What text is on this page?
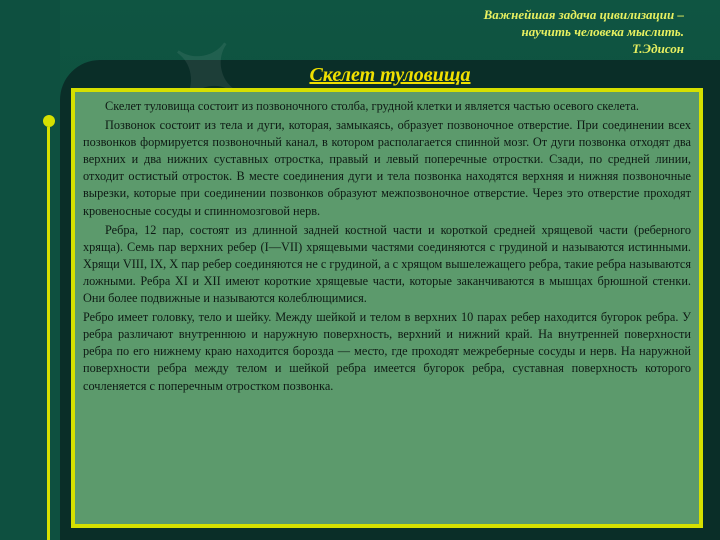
Важнейшая задача цивилизации –
научить человека мыслить.
Т.Эдисон
Скелет туловища

Скелет туловища состоит из позвоночного столба, грудной клетки и является частью осевого скелета.

Позвонок состоит из тела и дуги, которая, замыкаясь, образует позвоночное отверстие. При соединении всех позвонков формируется позвоночный канал, в котором располагается спинной мозг. От дуги позвонка отходят два верхних и два нижних суставных отростка, правый и левый поперечные отростки. Сзади, по средней линии, отходит остистый отросток. В месте соединения дуги и тела позвонка находятся верхняя и нижняя позвоночные вырезки, которые при соединении позвонков образуют межпозвоночное отверстие. Через это отверстие проходят кровеносные сосуды и спинномозговой нерв.

Ребра, 12 пар, состоят из длинной задней костной части и короткой средней хрящевой части (реберного хряща). Семь пар верхних ребер (I—VII) хрящевыми частями соединяются с грудиной и называются истинными. Хрящи VIII, IX, X пар ребер соединяются не с грудиной, а с хрящом вышележащего ребра, такие ребра называются ложными. Ребра XI и XII имеют короткие хрящевые части, которые заканчиваются в мышцах брюшной стенки. Они более подвижные и называются колеблющимися.

Ребро имеет головку, тело и шейку. Между шейкой и телом в верхних 10 парах ребер находится бугорок ребра. У ребра различают внутреннюю и наружную поверхность, верхний и нижний край. На внутренней поверхности ребра по его нижнему краю находится борозда — место, где проходят межреберные сосуды и нерв. На наружной поверхности ребра между телом и шейкой ребра имеется бугорок ребра, суставная поверхность которого сочленяется с поперечным отростком позвонка.
